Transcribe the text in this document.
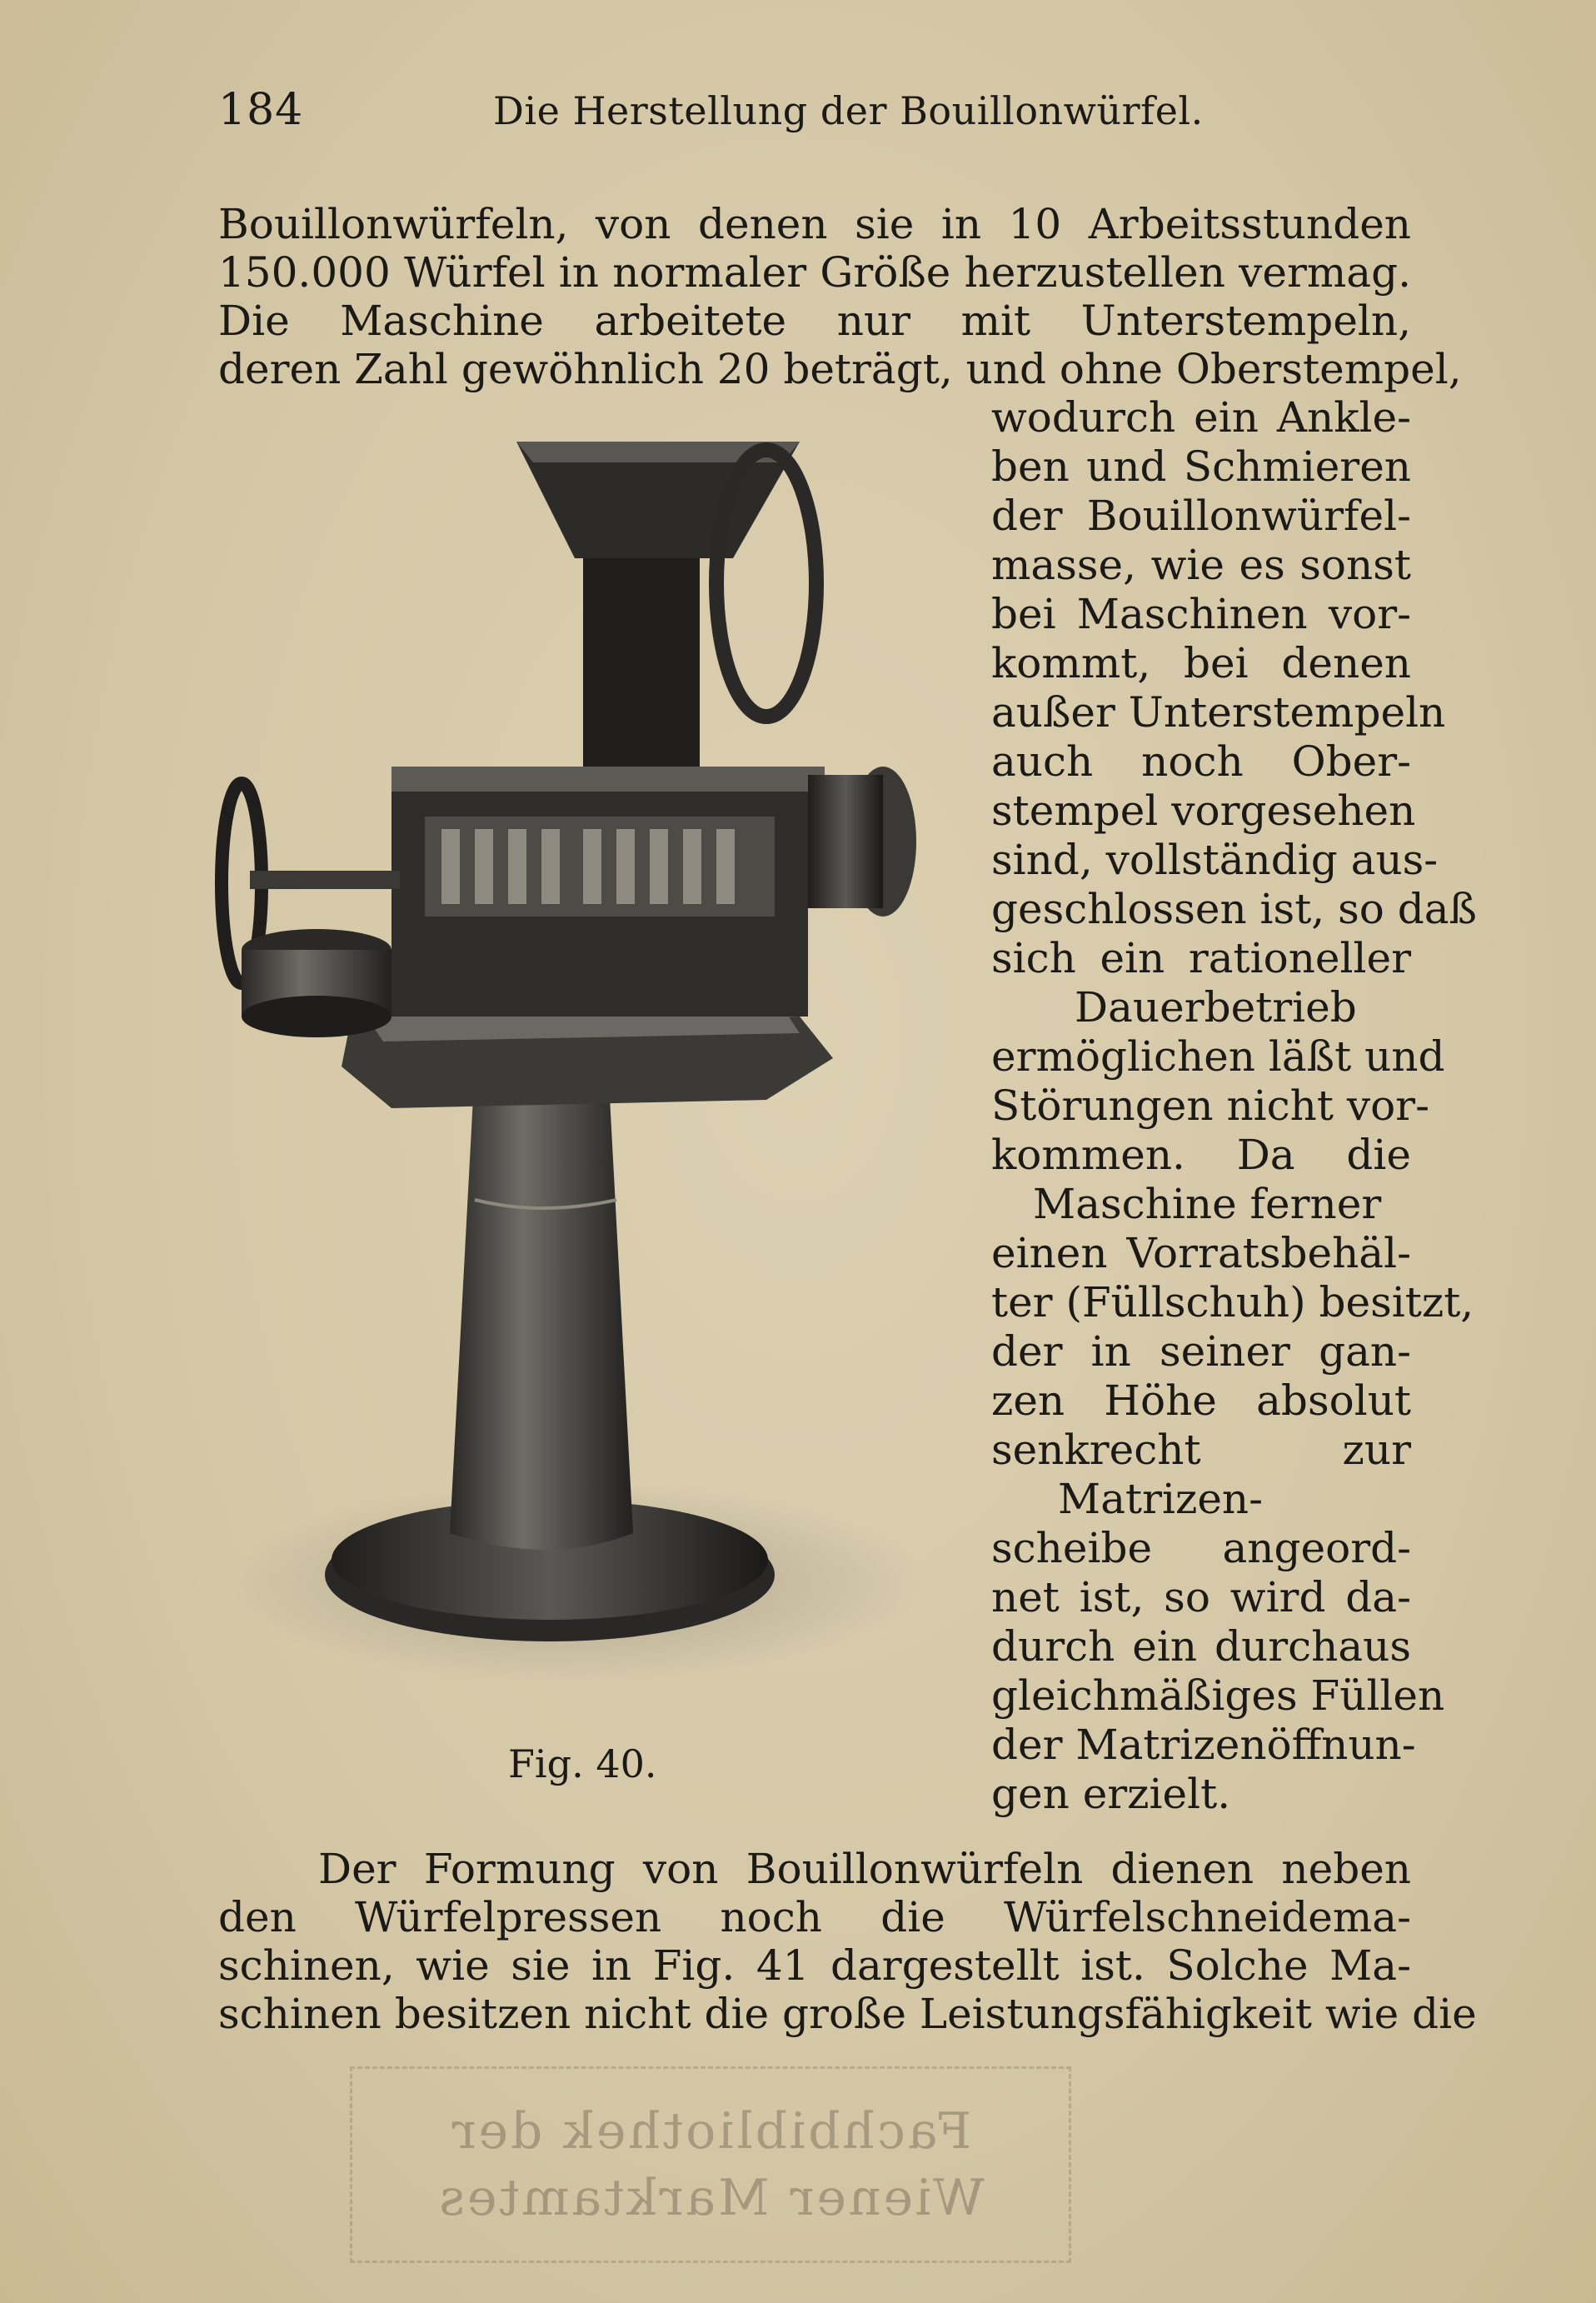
184	Die Herstellung der Bouillonwürfel.
Bouillonwürfeln, von denen sie in 10 Arbeitsstunden
150.000 Würfel in normaler Größe herzustellen vermag.
Die Maschine arbeitete nur mit Unterstempeln,
deren Zahl gewöhnlich 20 beträgt, und ohne Oberstempel,
wodurch ein Ankle-
ben und Schmieren
der Bouillonwürfel-
masse, wie es sonst
bei Maschinen vor-
kommt, bei denen
außer Unterstempeln
auch noch Ober-
stempel vorgesehen
sind, vollständig aus-
geschlossen ist, so daß
sich ein rationeller
Dauerbetrieb
ermöglichen läßt und
Störungen nicht vor-
kommen. Da die
Maschine ferner
einen Vorratsbehäl-
ter (Füllschuh) besitzt,
der in seiner gan-
zen Höhe absolut
senkrecht zur
Matrizen-
scheibe angeord-
net ist, so wird da-
durch ein durchaus
gleichmäßiges Füllen
der Matrizenöffnun-
gen erzielt.
Fig. 40.
Der Formung von Bouillonwürfeln dienen neben
den Würfelpressen noch die Würfelschneidema-
schinen, wie sie in Fig. 41 dargestellt ist. Solche Ma-
schinen besitzen nicht die große Leistungsfähigkeit wie die
Fachbibliothek der
Wiener Marktamtes
